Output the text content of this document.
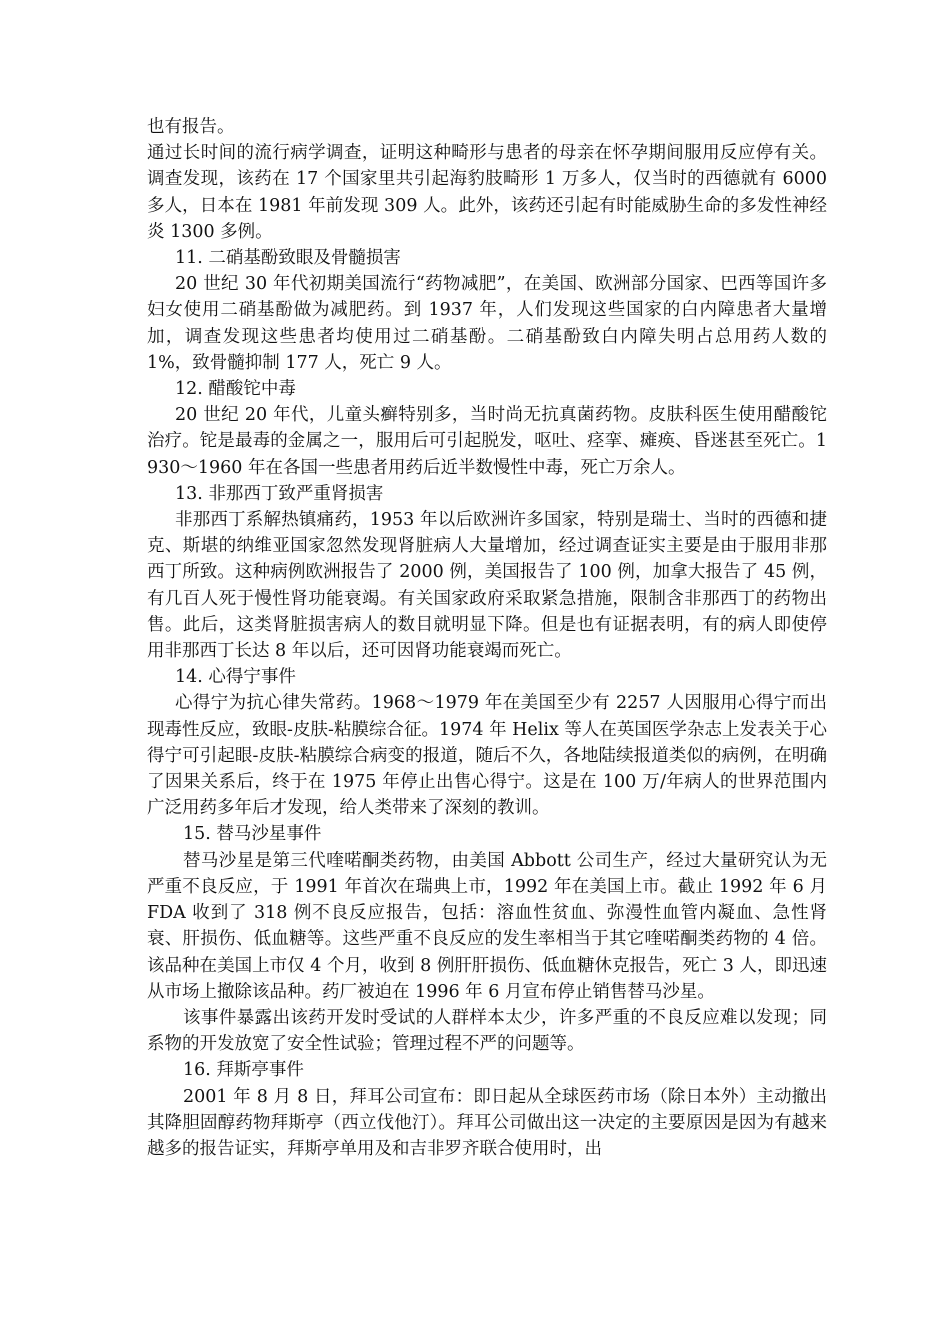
也有报告。

通过长时间的流行病学调查，证明这种畸形与患者的母亲在怀孕期间服用反应停有关。调查发现，该药在 17 个国家里共引起海豹肢畸形 1 万多人，仅当时的西德就有 6000 多人，日本在 1981 年前发现 309 人。此外，该药还引起有时能威胁生命的多发性神经炎 1300 多例。

11. 二硝基酚致眼及骨髓损害

20 世纪 30 年代初期美国流行“药物减肥”，在美国、欧洲部分国家、巴西等国许多妇女使用二硝基酚做为减肥药。到 1937 年，人们发现这些国家的白内障患者大量增加，调查发现这些患者均使用过二硝基酚。二硝基酚致白内障失明占总用药人数的 1%，致骨髓抑制 177 人，死亡 9 人。

12. 醋酸铊中毒

20 世纪 20 年代，儿童头癣特别多，当时尚无抗真菌药物。皮肤科医生使用醋酸铊治疗。铊是最毒的金属之一，服用后可引起脱发，呕吐、痉挛、瘫痪、昏迷甚至死亡。1930～1960 年在各国一些患者用药后近半数慢性中毒，死亡万余人。

13. 非那西丁致严重肾损害

非那西丁系解热镇痛药，1953 年以后欧洲许多国家，特别是瑞士、当时的西德和捷克、斯堪的纳维亚国家忽然发现肾脏病人大量增加，经过调查证实主要是由于服用非那西丁所致。这种病例欧洲报告了 2000 例，美国报告了 100 例，加拿大报告了 45 例，有几百人死于慢性肾功能衰竭。有关国家政府采取紧急措施，限制含非那西丁的药物出售。此后，这类肾脏损害病人的数目就明显下降。但是也有证据表明，有的病人即使停用非那西丁长达 8 年以后，还可因肾功能衰竭而死亡。

14. 心得宁事件

心得宁为抗心律失常药。1968～1979 年在美国至少有 2257 人因服用心得宁而出现毒性反应，致眼-皮肤-粘膜综合征。1974 年 Helix 等人在英国医学杂志上发表关于心得宁可引起眼-皮肤-粘膜综合病变的报道，随后不久，各地陆续报道类似的病例，在明确了因果关系后，终于在 1975 年停止出售心得宁。这是在 100 万/年病人的世界范围内广泛用药多年后才发现，给人类带来了深刻的教训。

15. 替马沙星事件

替马沙星是第三代喹喏酮类药物，由美国 Abbott 公司生产，经过大量研究认为无严重不良反应，于 1991 年首次在瑞典上市，1992 年在美国上市。截止 1992 年 6 月 FDA 收到了 318 例不良反应报告，包括：溶血性贫血、弥漫性血管内凝血、急性肾衰、肝损伤、低血糖等。这些严重不良反应的发生率相当于其它喹喏酮类药物的 4 倍。该品种在美国上市仅 4 个月，收到 8 例肝肝损伤、低血糖休克报告，死亡 3 人，即迅速从市场上撤除该品种。药厂被迫在 1996 年 6 月宣布停止销售替马沙星。

该事件暴露出该药开发时受试的人群样本太少，许多严重的不良反应难以发现；同系物的开发放宽了安全性试验；管理过程不严的问题等。

16. 拜斯亭事件

2001 年 8 月 8 日，拜耳公司宣布：即日起从全球医药市场（除日本外）主动撤出其降胆固醇药物拜斯亭（西立伐他汀）。拜耳公司做出这一决定的主要原因是因为有越来越多的报告证实，拜斯亭单用及和吉非罗齐联合使用时，出
